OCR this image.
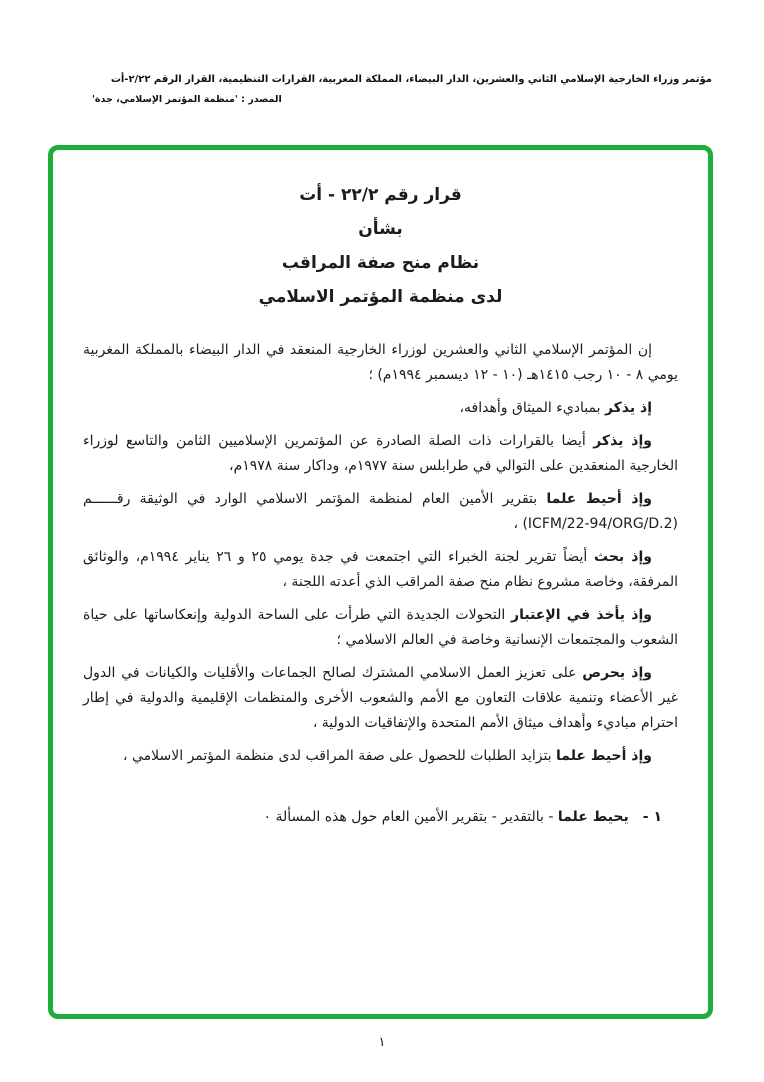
مؤتمر وزراء الخارجية الإسلامي الثاني والعشرين، الدار البيضاء، المملكة المغربية، القرارات التنظيمية، القرار الرقم ٢/٢٢-أت
المصدر : 'منظمة المؤتمر الإسلامي، جدة'
قرار رقم ٢٢/٢ - أت
بشأن
نظام منح صفة المراقب
لدى منظمة المؤتمر الاسلامي

إن المؤتمر الإسلامي الثاني والعشرين لوزراء الخارجية المنعقد في الدار البيضاء بالمملكة المغربية يومي ٨ - ١٠ رجب ١٤١٥هـ (١٠ - ١٢ ديسمبر ١٩٩٤م) ؛

إذ يذكر بمباديء الميثاق وأهدافه،

وإذ يذكر أيضا بالقرارات ذات الصلة الصادرة عن المؤتمرين الإسلاميين الثامن والتاسع لوزراء الخارجية المنعقدين على التوالي في طرابلس سنة ١٩٧٧م، وداكار سنة ١٩٧٨م،

وإذ أحيط علما بتقرير الأمين العام لمنظمة المؤتمر الاسلامي الوارد في الوثيقة رقــــــم ‎(ICFM/22-94/ORG/D.2)‎ ،

وإذ بحث أيضاً تقرير لجنة الخبراء التي اجتمعت في جدة يومي ٢٥ و ٢٦ يناير ١٩٩٤م، والوثائق المرفقة، وخاصة مشروع نظام منح صفة المراقب الذي أعدته اللجنة ،

وإذ يأخذ في الإعتبار التحولات الجديدة التي طرأت على الساحة الدولية وإنعكاساتها على حياة الشعوب والمجتمعات الإنسانية وخاصة في العالم الاسلامي ؛

وإذ يحرص على تعزيز العمل الاسلامي المشترك لصالح الجماعات والأقليات والكيانات في الدول غير الأعضاء وتنمية علاقات التعاون مع الأمم والشعوب الأخرى والمنظمات الإقليمية والدولية في إطار احترام مباديء وأهداف ميثاق الأمم المتحدة والإتفاقيات الدولية ،

وإذ أحيط علما بتزايد الطلبات للحصول على صفة المراقب لدى منظمة المؤتمر الاسلامي ،

١ -يحيط علما - بالتقدير - بتقرير الأمين العام حول هذه المسألة ٠
١
